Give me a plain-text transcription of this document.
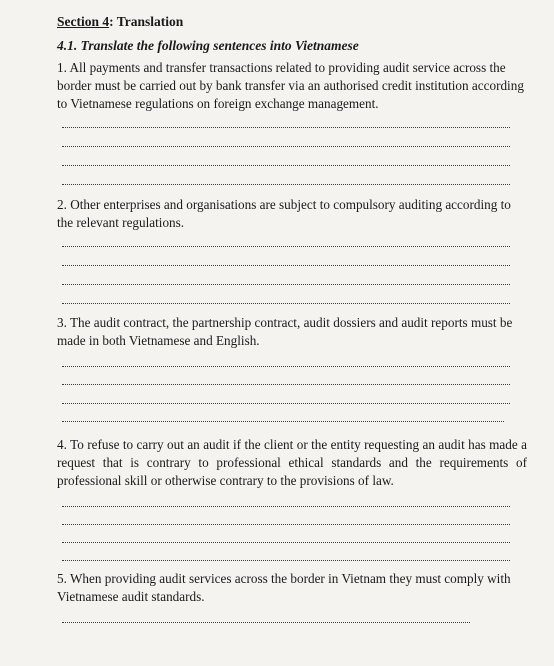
Section 4: Translation
4.1. Translate the following sentences into Vietnamese
1. All payments and transfer transactions related to providing audit service across the border must be carried out by bank transfer via an authorised credit institution according to Vietnamese regulations on foreign exchange management.
2. Other enterprises and organisations are subject to compulsory auditing according to the relevant regulations.
3. The audit contract, the partnership contract, audit dossiers and audit reports must be made in both Vietnamese and English.
4. To refuse to carry out an audit if the client or the entity requesting an audit has made a request that is contrary to professional ethical standards and the requirements of professional skill or otherwise contrary to the provisions of law.
5. When providing audit services across the border in Vietnam they must comply with Vietnamese audit standards.
